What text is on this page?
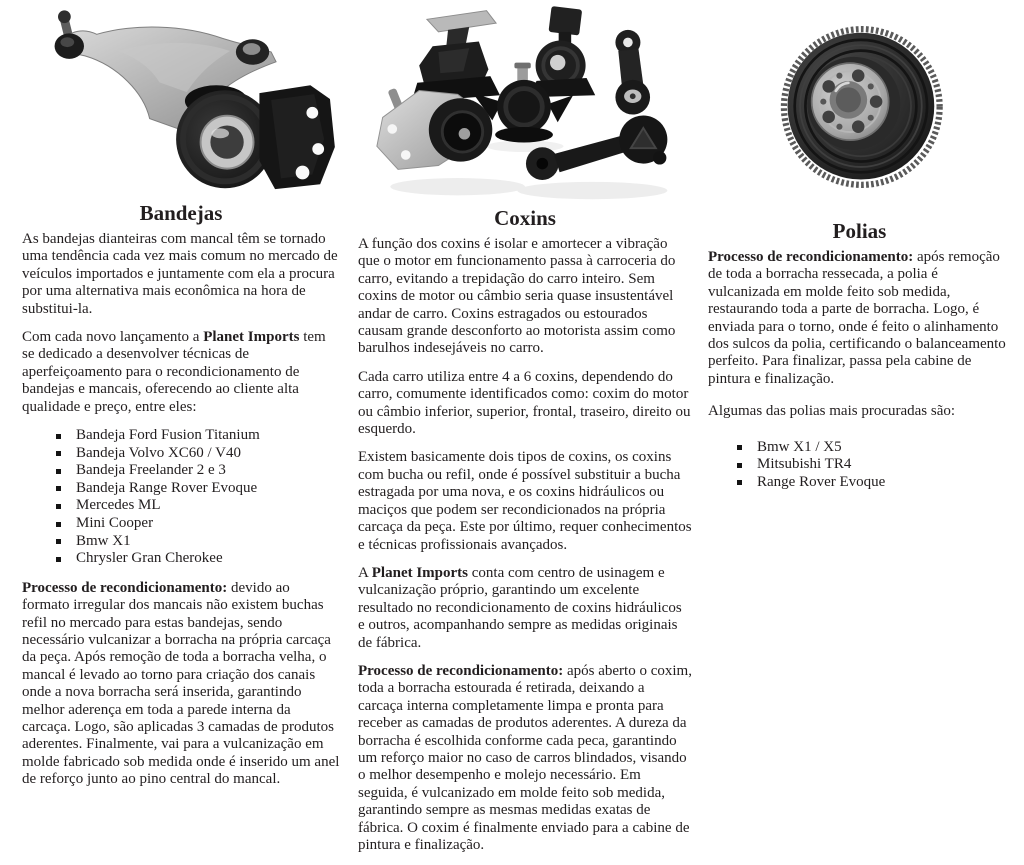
Bandejas

As bandejas dianteiras com mancal têm se tornado uma tendência cada vez mais comum no mercado de veículos importados e juntamente com ela a procura por uma alternativa mais econômica na hora de substitui-la.

Com cada novo lançamento a Planet Imports tem se dedicado a desenvolver técnicas de aperfeiçoamento para o recondicionamento de bandejas e mancais, oferecendo ao cliente alta qualidade e preço, entre eles:

Bandeja Ford Fusion Titanium
Bandeja Volvo XC60 / V40
Bandeja Freelander 2 e 3
Bandeja Range Rover Evoque
Mercedes ML
Mini Cooper
Bmw X1
Chrysler Gran Cherokee

Processo de recondicionamento: devido ao formato irregular dos mancais não existem buchas refil no mercado para estas bandejas, sendo necessário vulcanizar a borracha na própria carcaça da peça. Após remoção de toda a borracha velha, o mancal é levado ao torno para criação dos canais onde a nova borracha será inserida, garantindo melhor aderença em toda a parede interna da carcaça. Logo, são aplicadas 3 camadas de produtos aderentes. Finalmente, vai para a vulcanização em molde fabricado sob medida onde é inserido um anel de reforço junto ao pino central do mancal.

Coxins

A função dos coxins é isolar e amortecer a vibração que o motor em funcionamento passa à carroceria do carro, evitando a trepidação do carro inteiro. Sem coxins de motor ou câmbio seria quase insustentável andar de carro. Coxins estragados ou estourados causam grande desconforto ao motorista assim como barulhos indesejáveis no carro.

Cada carro utiliza entre 4 a 6 coxins, dependendo do carro, comumente identificados como: coxim do motor ou câmbio inferior, superior, frontal, traseiro, direito ou esquerdo.

Existem basicamente dois tipos de coxins, os coxins com bucha ou refil, onde é possível substituir a bucha estragada por uma nova, e os coxins hidráulicos ou maciços que podem ser recondicionados na própria carcaça da peça. Este por último, requer conhecimentos e técnicas profissionais avançados.

A Planet Imports conta com centro de usinagem e vulcanização próprio, garantindo um excelente resultado no recondicionamento de coxins hidráulicos e outros, acompanhando sempre as medidas originais de fábrica.

Processo de recondicionamento: após aberto o coxim, toda a borracha estourada é retirada, deixando a carcaça interna completamente limpa e pronta para receber as camadas de produtos aderentes. A dureza da borracha é escolhida conforme cada peca, garantindo um reforço maior no caso de carros blindados, visando o melhor desempenho e molejo necessário. Em seguida, é vulcanizado em molde feito sob medida, garantindo sempre as mesmas medidas exatas de fábrica. O coxim é finalmente enviado para a cabine de pintura e finalização.

Polias

Processo de recondicionamento: após remoção de toda a borracha ressecada, a polia é vulcanizada em molde feito sob medida, restaurando toda a parte de borracha. Logo, é enviada para o torno, onde é feito o alinhamento dos sulcos da polia, certificando o balanceamento perfeito. Para finalizar, passa pela cabine de pintura e finalização.

Algumas das polias mais procuradas são:

Bmw X1 / X5
Mitsubishi TR4
Range Rover Evoque
